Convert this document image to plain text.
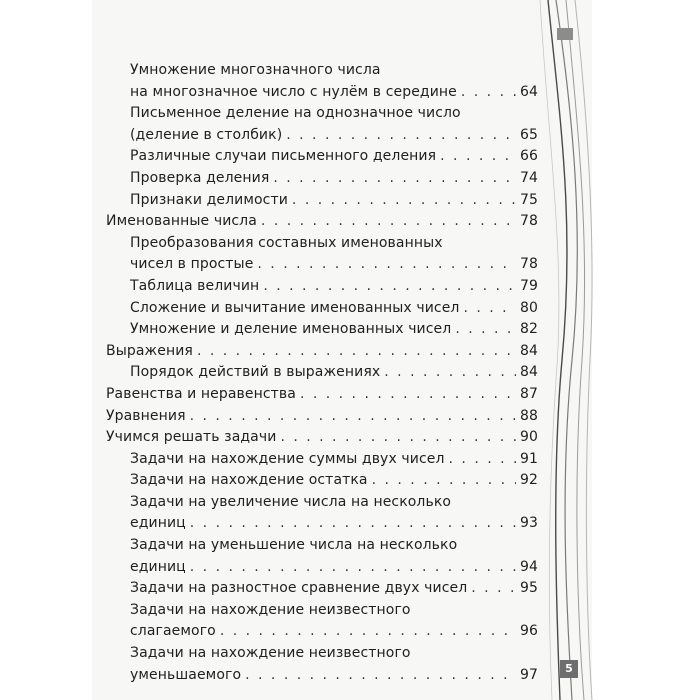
Умножение многозначного числа
на многозначное число с нулём в середине . . .	64
Письменное деление на однозначное число
(деление в столбик) . . .	65
Различные случаи письменного деления . . .	66
Проверка деления . . .	74
Признаки делимости . . .	75
Именованные числа . . .	78
Преобразования составных именованных
чисел в простые . . .	78
Таблица величин . . .	79
Сложение и вычитание именованных чисел . . .	80
Умножение и деление именованных чисел . . .	82
Выражения . . .	84
Порядок действий в выражениях . . .	84
Равенства и неравенства . . .	87
Уравнения . . .	88
Учимся решать задачи . . .	90
Задачи на нахождение суммы двух чисел . . .	91
Задачи на нахождение остатка . . .	92
Задачи на увеличение числа на несколько
единиц . . .	93
Задачи на уменьшение числа на несколько
единиц . . .	94
Задачи на разностное сравнение двух чисел . . .	95
Задачи на нахождение неизвестного
слагаемого . . .	96
Задачи на нахождение неизвестного
уменьшаемого . . .	97	5
